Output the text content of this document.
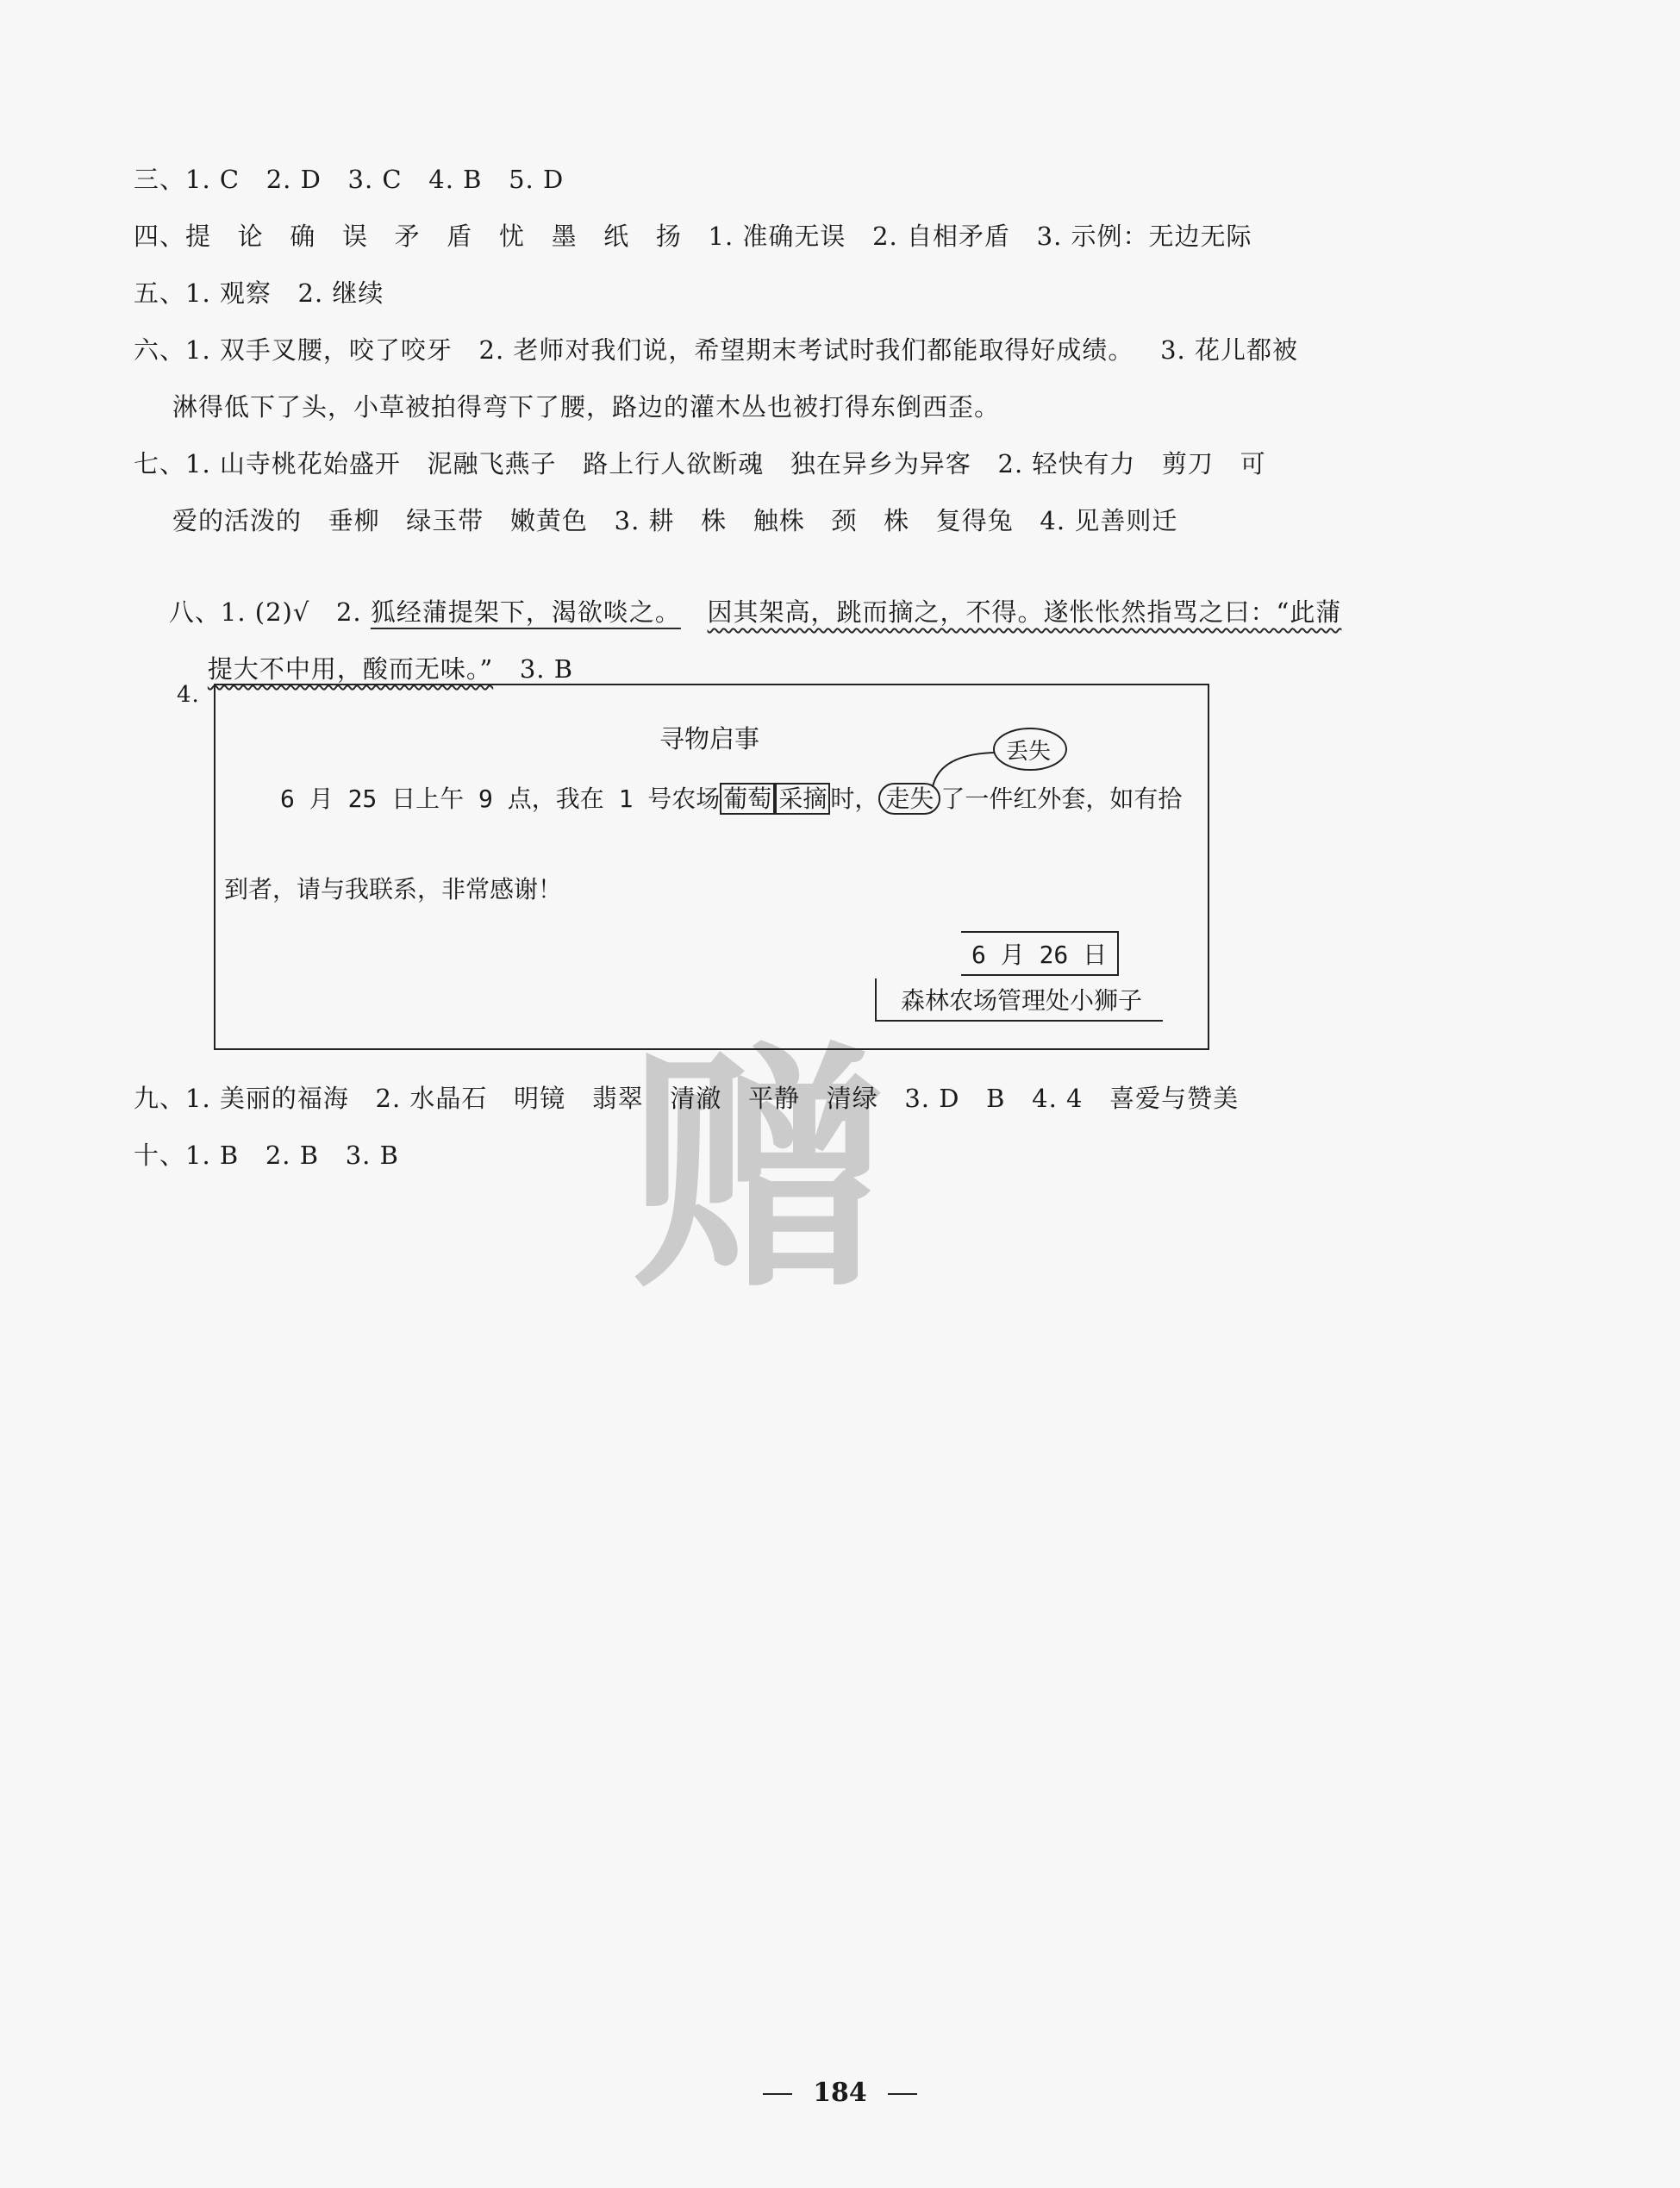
赠
三、1. C   2. D   3. C   4. B   5. D
四、提   论   确   误   矛   盾   忧   墨   纸   扬   1. 准确无误   2. 自相矛盾   3. 示例：无边无际
五、1. 观察   2. 继续
六、1. 双手叉腰，咬了咬牙   2. 老师对我们说，希望期末考试时我们都能取得好成绩。   3. 花儿都被
淋得低下了头，小草被拍得弯下了腰，路边的灌木丛也被打得东倒西歪。
七、1. 山寺桃花始盛开   泥融飞燕子   路上行人欲断魂   独在异乡为异客   2. 轻快有力   剪刀   可
爱的活泼的   垂柳   绿玉带   嫩黄色   3. 耕   株   触株   颈   株   复得兔   4. 见善则迁

八、1. (2)√   2. 狐经蒲提架下，渴欲啖之。 因其架高，跳而摘之，不得。遂怅怅然指骂之曰：“此蒲

提大不中用，酸而无味。”   3. B

4.
寻物启事	丢失
6 月 25 日上午 9 点，我在 1 号农场 葡萄 采摘 时， 走失 了一件红外套，如有拾
到者，请与我联系，非常感谢！
6 月 26 日
森林农场管理处小狮子
九、1. 美丽的福海   2. 水晶石   明镜   翡翠   清澈   平静   清绿   3. D   B   4. 4   喜爱与赞美
十、1. B   2. B   3. B
184
